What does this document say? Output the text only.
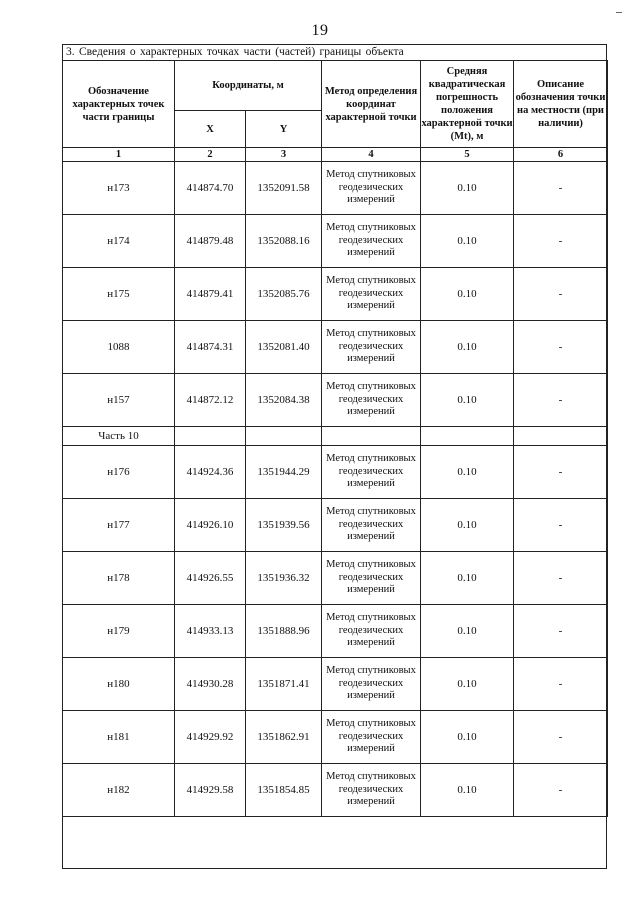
19
3. Сведения о характерных точках части (частей) границы объекта
Обозначение характерных точек части границы	Координаты, м		Метод определения координат характерной точки	Средняя квадратическая погрешность положения характерной точки (Mt), м	Описание обозначения точки на местности (при наличии)
	X	Y			
1	2	3	4	5	6
н173	414874.70	1352091.58	Метод спутниковых геодезических измерений	0.10	-
н174	414879.48	1352088.16	Метод спутниковых геодезических измерений	0.10	-
н175	414879.41	1352085.76	Метод спутниковых геодезических измерений	0.10	-
1088	414874.31	1352081.40	Метод спутниковых геодезических измерений	0.10	-
н157	414872.12	1352084.38	Метод спутниковых геодезических измерений	0.10	-
Часть 10					
н176	414924.36	1351944.29	Метод спутниковых геодезических измерений	0.10	-
н177	414926.10	1351939.56	Метод спутниковых геодезических измерений	0.10	-
н178	414926.55	1351936.32	Метод спутниковых геодезических измерений	0.10	-
н179	414933.13	1351888.96	Метод спутниковых геодезических измерений	0.10	-
н180	414930.28	1351871.41	Метод спутниковых геодезических измерений	0.10	-
н181	414929.92	1351862.91	Метод спутниковых геодезических измерений	0.10	-
н182	414929.58	1351854.85	Метод спутниковых геодезических измерений	0.10	-
